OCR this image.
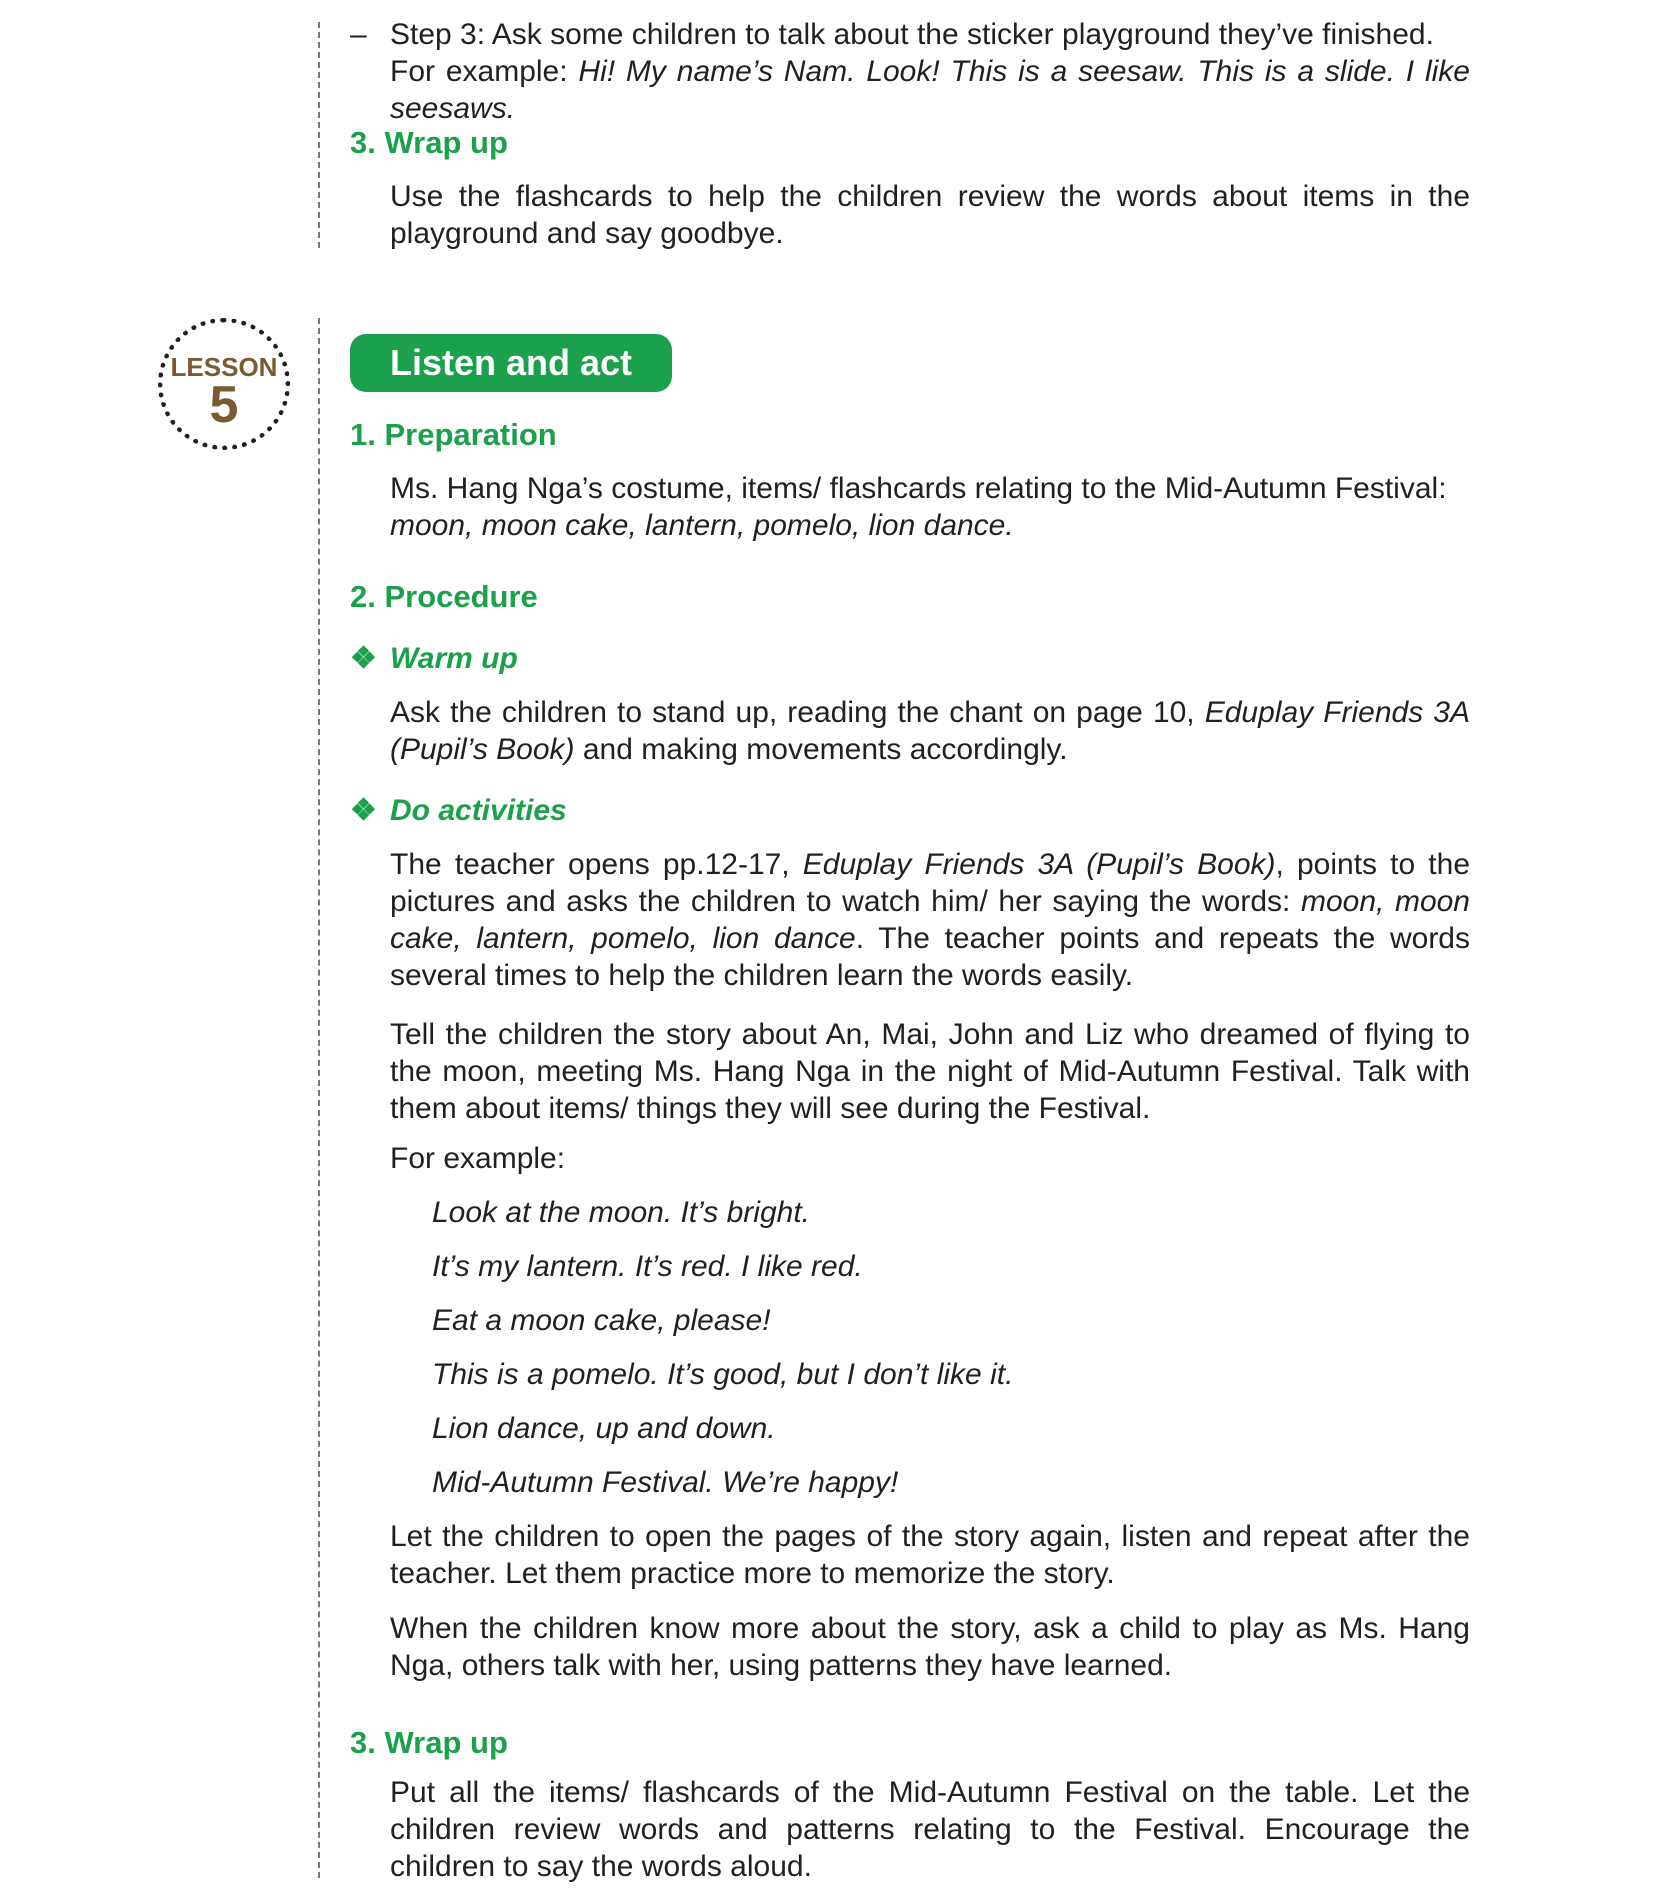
– Step 3: Ask some children to talk about the sticker playground they’ve finished.
For example: Hi! My name’s Nam. Look! This is a seesaw. This is a slide. I like seesaws.

3. Wrap up

Use the flashcards to help the children review the words about items in the playground and say goodbye.

LESSON
5
Listen and act
1. Preparation

Ms. Hang Nga’s costume, items/ flashcards relating to the Mid-Autumn Festival:
moon, moon cake, lantern, pomelo, lion dance.

2. Procedure

❖ Warm up

Ask the children to stand up, reading the chant on page 10, Eduplay Friends 3A (Pupil’s Book) and making movements accordingly.

❖ Do activities

The teacher opens pp.12-17, Eduplay Friends 3A (Pupil’s Book), points to the pictures and asks the children to watch him/ her saying the words: moon, moon cake, lantern, pomelo, lion dance. The teacher points and repeats the words several times to help the children learn the words easily.

Tell the children the story about An, Mai, John and Liz who dreamed of flying to the moon, meeting Ms. Hang Nga in the night of Mid-Autumn Festival. Talk with them about items/ things they will see during the Festival.

For example:

Look at the moon. It’s bright.

It’s my lantern. It’s red. I like red.

Eat a moon cake, please!

This is a pomelo. It’s good, but I don’t like it.

Lion dance, up and down.

Mid-Autumn Festival. We’re happy!

Let the children to open the pages of the story again, listen and repeat after the teacher. Let them practice more to memorize the story.

When the children know more about the story, ask a child to play as Ms. Hang Nga, others talk with her, using patterns they have learned.

3. Wrap up

Put all the items/ flashcards of the Mid-Autumn Festival on the table. Let the children review words and patterns relating to the Festival. Encourage the children to say the words aloud.
